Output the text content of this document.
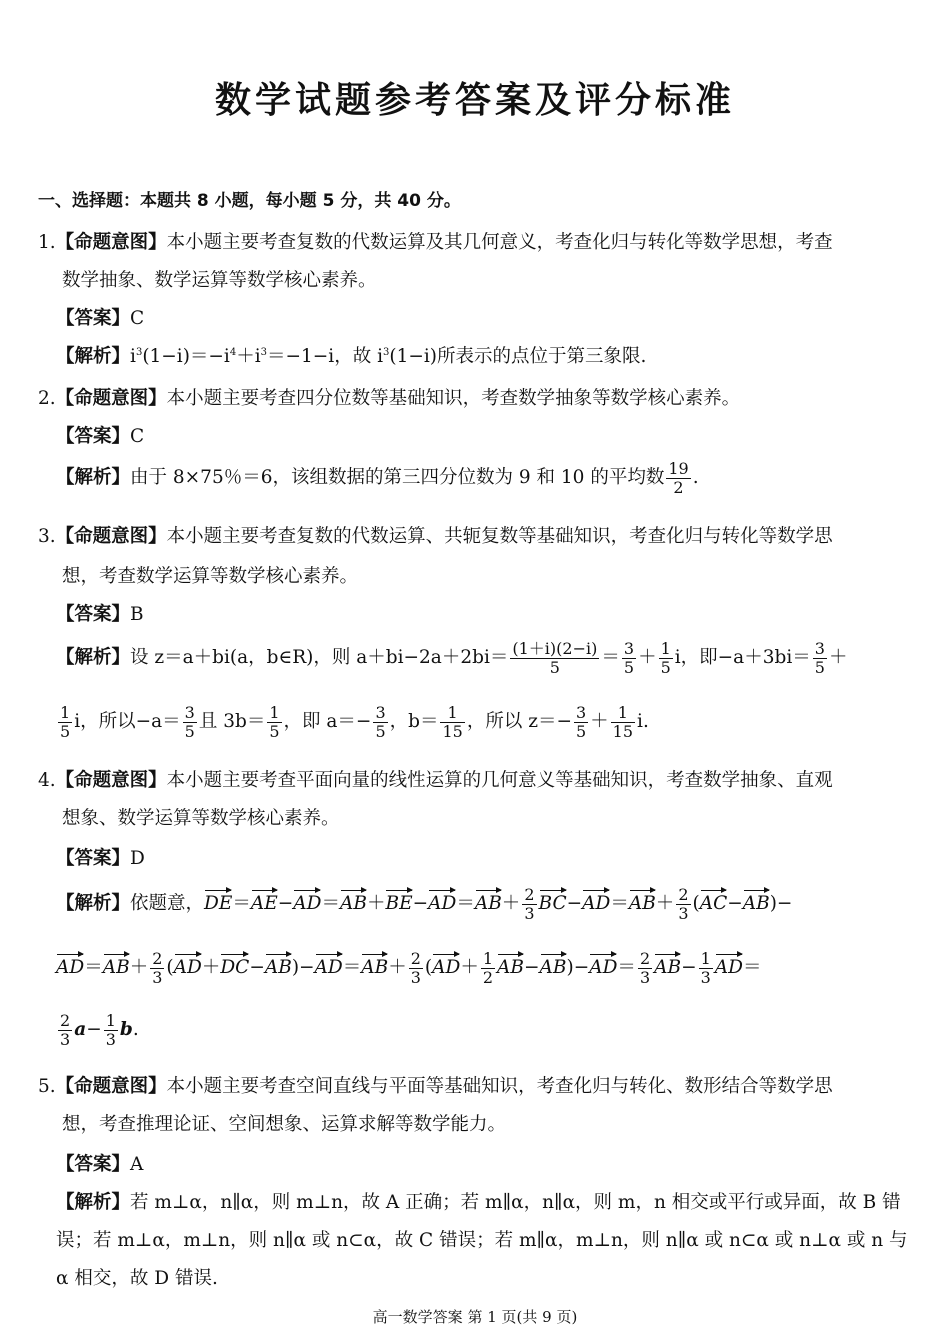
数学试题参考答案及评分标准
一、选择题：本题共 8 小题，每小题 5 分，共 40 分。
1.【命题意图】本小题主要考查复数的代数运算及其几何意义，考查化归与转化等数学思想，考查
数学抽象、数学运算等数学核心素养。
【答案】C
【解析】$i^3(1-i)=-i^4+i^3=-1-i$，故 $i^3(1-i)$所表示的点位于第三象限.
2.【命题意图】本小题主要考查四分位数等基础知识，考查数学抽象等数学核心素养。
【答案】C
【解析】由于 8×75％＝6，该组数据的第三四分位数为 9 和 10 的平均数 $\frac{19}{2}$ .
3.【命题意图】本小题主要考查复数的代数运算、共轭复数等基础知识，考查化归与转化等数学思
想，考查数学运算等数学核心素养。
【答案】B
【解析】设 z＝a＋bi(a，b∈R)，则 $a+bi-2a+2bi= \frac{(1+i)(2-i)}{5} = \frac{3}{5} + \frac{1}{5}$ i，即$-a+3bi= \frac{3}{5}$ ＋
$\frac{1}{5}$ i，所以$-a= \frac{3}{5}$ 且 $3b= \frac{1}{5}$ ，即 $a=- \frac{3}{5}$ ，$b= \frac{1}{15}$ ，所以 $z=- \frac{3}{5} + \frac{1}{15} i$.
4.【命题意图】本小题主要考查平面向量的线性运算的几何意义等基础知识，考查数学抽象、直观
想象、数学运算等数学核心素养。
【答案】D
【解析】依题意，$DE=AE-AD=AB+BE-AD=AB+ \frac{2}{3} BC-AD=AB+ \frac{2}{3} (AC-AB)-$
$AD=AB+ \frac{2}{3} (AD+DC-AB)-AD=AB+ \frac{2}{3} (AD+ \frac{1}{2} AB-AB)-AD= \frac{2}{3} AB- \frac{1}{3} AD=$
$\frac{2}{3} a- \frac{1}{3} b$.
5.【命题意图】本小题主要考查空间直线与平面等基础知识，考查化归与转化、数形结合等数学思
想，考查推理论证、空间想象、运算求解等数学能力。
【答案】A
【解析】若 m⊥α，n∥α，则 m⊥n，故 A 正确；若 m∥α，n∥α，则 m，n 相交或平行或异面，故 B 错
误；若 m⊥α，m⊥n，则 n∥α 或 n⊂α，故 C 错误；若 m∥α，m⊥n，则 n∥α 或 n⊂α 或 n⊥α 或 n 与
α 相交，故 D 错误.
高一数学答案 第 1 页(共 9 页)
